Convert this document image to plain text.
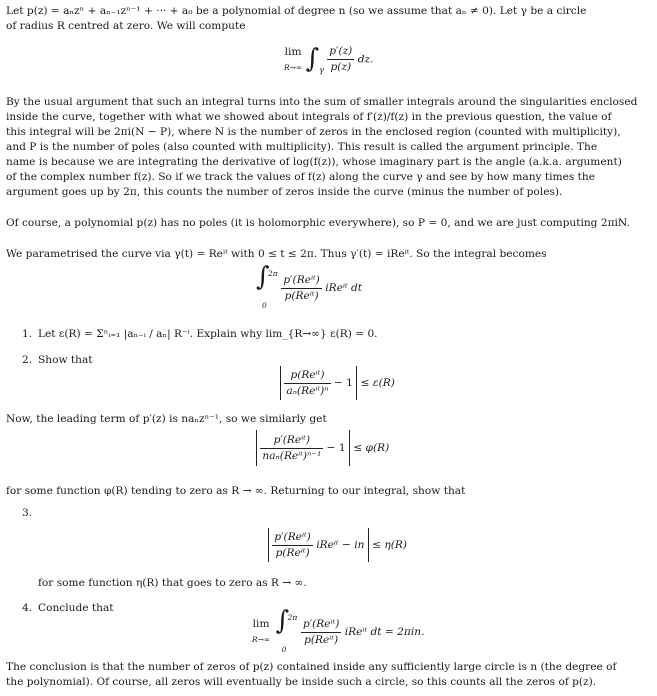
Let p(z) = aₙzⁿ + aₙ₋₁zⁿ⁻¹ + ··· + a₀ be a polynomial of degree n (so we assume that aₙ ≠ 0). Let γ be a circle
of radius R centred at zero. We will compute
lim
R→∞ $\int_\gamma \frac{p'(z)}{p(z)}$ dz.
By the usual argument that such an integral turns into the sum of smaller integrals around the singularities enclosed
inside the curve, together with what we showed about integrals of f′(z)/f(z) in the previous question, the value of
this integral will be 2πi(N − P), where N is the number of zeros in the enclosed region (counted with multiplicity),
and P is the number of poles (also counted with multiplicity). This result is called the argument principle. The
name is because we are integrating the derivative of log(f(z)), whose imaginary part is the angle (a.k.a. argument)
of the complex number f(z). So if we track the values of f(z) along the curve γ and see by how many times the
argument goes up by 2π, this counts the number of zeros inside the curve (minus the number of poles).
Of course, a polynomial p(z) has no poles (it is holomorphic everywhere), so P = 0, and we are just computing 2πiN.
We parametrised the curve via γ(t) = Reⁱᵗ with 0 ≤ t ≤ 2π. Thus γ′(t) = iReⁱᵗ. So the integral becomes
∫
2π
0

$\frac{\text{p′(Reⁱᵗ)}}{\text{p(Reⁱᵗ)}}$ iReⁱᵗ dt
1. Let ε(R) = Σⁿᵢ₌₁ |aₙ₋ᵢ / aₙ| R⁻ⁱ. Explain why lim_{R→∞} ε(R) = 0.
2. Show that

$\frac{\text{p(Reⁱᵗ)}}{\text{aₙ(Reⁱᵗ)ⁿ}} - 1 \le \varepsilon(R)$
Now, the leading term of p′(z) is naₙzⁿ⁻¹, so we similarly get

$\frac{\text{p′(Reⁱᵗ)}}{\text{naₙ(Reⁱᵗ)ⁿ⁻¹}} - 1 \le \varphi(R)$
for some function φ(R) tending to zero as R → ∞. Returning to our integral, show that
3.

$\frac{\text{p′(Reⁱᵗ)}}{\text{p(Reⁱᵗ)}}$ iReⁱᵗ − in ≤ η(R)
for some function η(R) that goes to zero as R → ∞.
4. Conclude that
lim
R→∞

∫
2π
0

$\frac{\text{p′(Reⁱᵗ)}}{\text{p(Reⁱᵗ)}}$ iReⁱᵗ dt = 2πin.
The conclusion is that the number of zeros of p(z) contained inside any sufficiently large circle is n (the degree of
the polynomial). Of course, all zeros will eventually be inside such a circle, so this counts all the zeros of p(z).
